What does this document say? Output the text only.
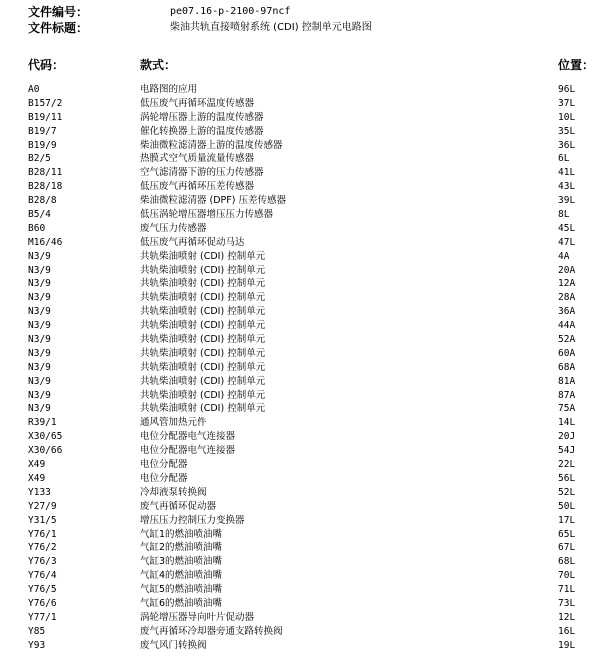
文件编号：	pe07.16-p-2100-97ncf
文件标题：	柴油共轨直接喷射系统 (CDI) 控制单元电路图
代码：	款式：	位置：
A0	电路图的应用	96L
B157/2	低压废气再循环温度传感器	37L
B19/11	涡轮增压器上游的温度传感器	10L
B19/7	催化转换器上游的温度传感器	35L
B19/9	柴油微粒滤清器上游的温度传感器	36L
B2/5	热膜式空气质量流量传感器	6L
B28/11	空气滤清器下游的压力传感器	41L
B28/18	低压废气再循环压差传感器	43L
B28/8	柴油微粒滤清器 (DPF) 压差传感器	39L
B5/4	低压涡轮增压器增压压力传感器	8L
B60	废气压力传感器	45L
M16/46	低压废气再循环促动马达	47L
N3/9	共轨柴油喷射 (CDI) 控制单元	4A
N3/9	共轨柴油喷射 (CDI) 控制单元	20A
N3/9	共轨柴油喷射 (CDI) 控制单元	12A
N3/9	共轨柴油喷射 (CDI) 控制单元	28A
N3/9	共轨柴油喷射 (CDI) 控制单元	36A
N3/9	共轨柴油喷射 (CDI) 控制单元	44A
N3/9	共轨柴油喷射 (CDI) 控制单元	52A
N3/9	共轨柴油喷射 (CDI) 控制单元	60A
N3/9	共轨柴油喷射 (CDI) 控制单元	68A
N3/9	共轨柴油喷射 (CDI) 控制单元	81A
N3/9	共轨柴油喷射 (CDI) 控制单元	87A
N3/9	共轨柴油喷射 (CDI) 控制单元	75A
R39/1	通风管加热元件	14L
X30/65	电位分配器电气连接器	20J
X30/66	电位分配器电气连接器	54J
X49	电位分配器	22L
X49	电位分配器	56L
Y133	冷却液泵转换阀	52L
Y27/9	废气再循环促动器	50L
Y31/5	增压压力控制压力变换器	17L
Y76/1	气缸1的燃油喷油嘴	65L
Y76/2	气缸2的燃油喷油嘴	67L
Y76/3	气缸3的燃油喷油嘴	68L
Y76/4	气缸4的燃油喷油嘴	70L
Y76/5	气缸5的燃油喷油嘴	71L
Y76/6	气缸6的燃油喷油嘴	73L
Y77/1	涡轮增压器导向叶片促动器	12L
Y85	废气再循环冷却器旁通支路转换阀	16L
Y93	废气风门转换阀	19L
